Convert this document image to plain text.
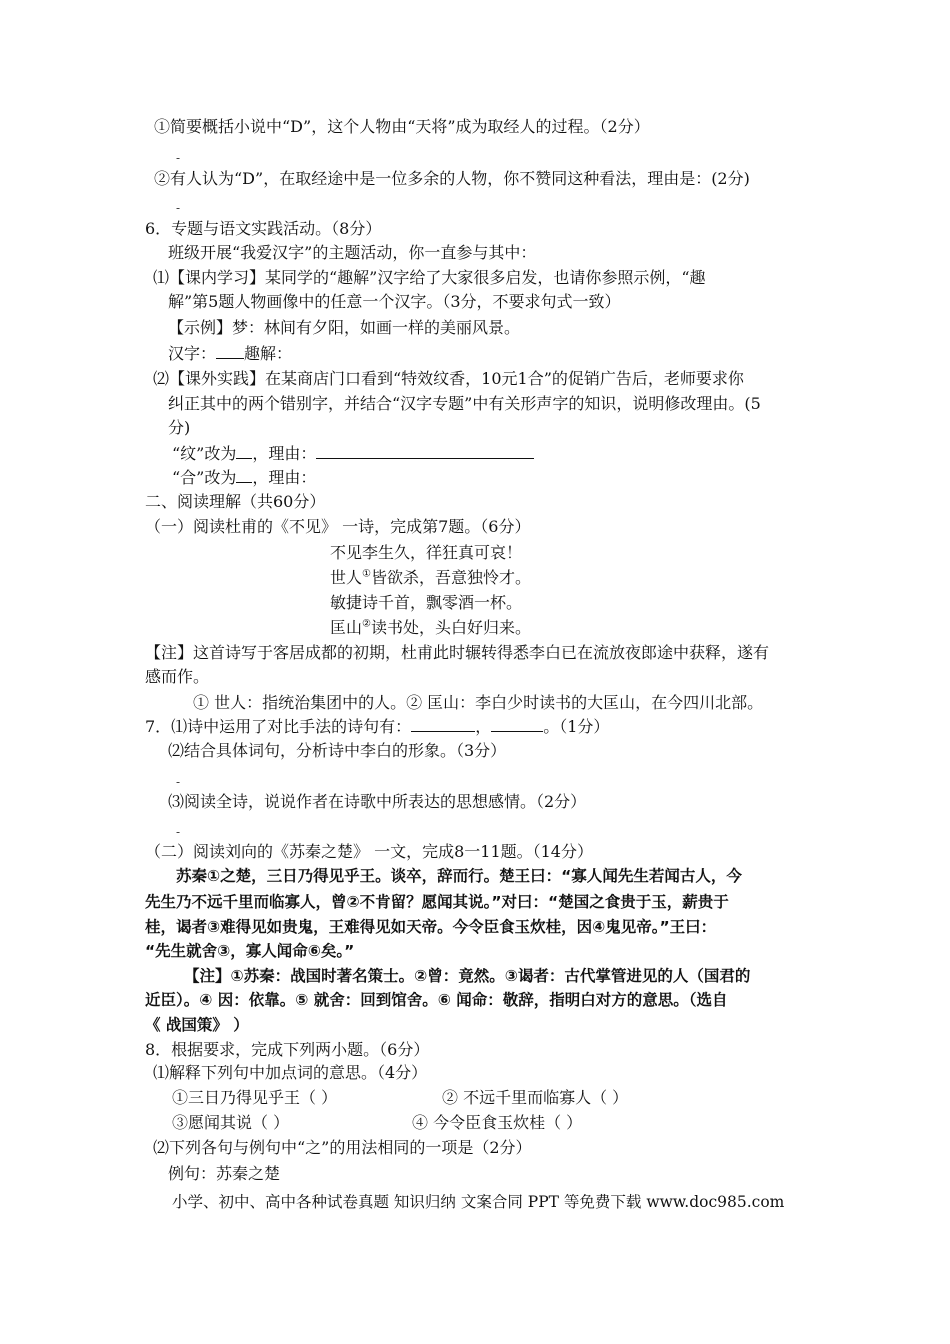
①简要概括小说中“D”，这个人物由“天将”成为取经人的过程。（2分）
-
②有人认为“D”，在取经途中是一位多余的人物，你不赞同这种看法，理由是：(2分)
-
6．专题与语文实践活动。（8分）
班级开展“我爱汉字”的主题活动，你一直参与其中：
⑴【课内学习】某同学的“趣解”汉字给了大家很多启发，也请你参照示例，“趣
解”第5题人物画像中的任意一个汉字。（3分，不要求句式一致）
【示例】梦：林间有夕阳，如画一样的美丽风景。
汉字： 趣解：
⑵【课外实践】在某商店门口看到“特效纹香，10元1合”的促销广告后，老师要求你
纠正其中的两个错别字，并结合“汉字专题”中有关形声字的知识，说明修改理由。(5
分)
“纹”改为 ，理由：
“合”改为 ，理由：
二、阅读理解（共60分）
（一）阅读杜甫的《不见》 一诗，完成第7题。（6分）
不见李生久，徉狂真可哀！
世人①皆欲杀，吾意独怜才。
敏捷诗千首，飘零酒一杯。
匡山②读书处，头白好归来。
【注】这首诗写于客居成都的初期，杜甫此时辗转得悉李白已在流放夜郎途中获释，遂有
感而作。
① 世人：指统治集团中的人。② 匡山：李白少时读书的大匡山，在今四川北部。
7．⑴诗中运用了对比手法的诗句有：	，	。（1分）
⑵结合具体词句，分析诗中李白的形象。（3分）
-
⑶阅读全诗，说说作者在诗歌中所表达的思想感情。（2分）
-
（二）阅读刘向的《苏秦之楚》 一文，完成8一11题。（14分）
苏秦①之楚，三日乃得见乎王。谈卒，辞而行。楚王曰：“寡人闻先生若闻古人，今
先生乃不远千里而临寡人，曾②不肯留？愿闻其说。”对曰：“楚国之食贵于玉，薪贵于
桂，谒者③难得见如贵鬼，王难得见如天帝。今令臣食玉炊桂，因④鬼见帝。”王曰：
“先生就舍③，寡人闻命⑥矣。”
【注】①苏秦：战国时著名策士。②曾：竟然。③谒者：古代掌管进见的人（国君的
近臣）。④ 因：依靠。⑤ 就舍：回到馆舍。⑥ 闻命：敬辞，指明白对方的意思。（选自
《 战国策》 ）
8．根据要求，完成下列两小题。（6分）
⑴解释下列句中加点词的意思。（4分）
①三日乃得见乎王（ ）	② 不远千里而临寡人（ ）
③愿闻其说（ ）	④ 今令臣食玉炊桂（ ）
⑵下列各句与例句中“之”的用法相同的一项是（2分）
例句：苏秦之楚
小学、初中、高中各种试卷真题 知识归纳 文案合同 PPT 等免费下载 www.doc985.com
